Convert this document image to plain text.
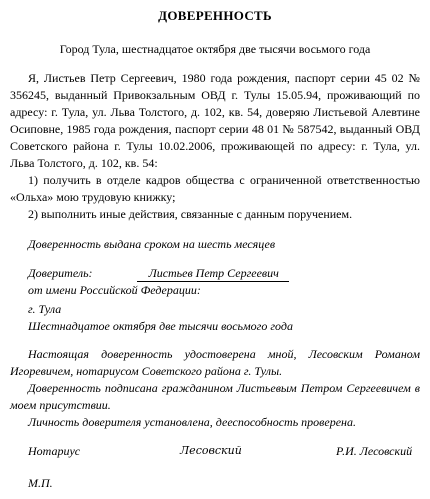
ДОВЕРЕННОСТЬ
Город Тула, шестнадцатое октября две тысячи восьмого года
Я, Листьев Петр Сергеевич, 1980 года рождения, паспорт серии 45 02 № 356245, выданный Привокзальным ОВД г. Тулы 15.05.94, проживающий по адресу: г. Тула, ул. Льва Толстого, д. 102, кв. 54, доверяю Листьевой Алевтине Осиповне, 1985 года рождения, паспорт серии 48 01 № 587542, выданный ОВД Советского района г. Тулы 10.02.2006, проживающей по адресу: г. Тула, ул. Льва Толстого, д. 102, кв. 54:
1) получить в отделе кадров общества с ограниченной ответственностью «Ольха» мою трудовую книжку;
2) выполнить иные действия, связанные с данным поручением.
Доверенность выдана сроком на шесть месяцев
Доверитель:	Листьев Петр Сергеевич
от имени Российской Федерации:
г. Тула
Шестнадцатое октября две тысячи восьмого года
Настоящая доверенность удостоверена мной, Лесовским Романом Игоревичем, нотариусом Советского района г. Тулы.
Доверенность подписана гражданином Листьевым Петром Сергеевичем в моем присутствии.
Личность доверителя установлена, дееспособность проверена.
Нотариус	Лесовский	Р.И. Лесовский
М.П.
